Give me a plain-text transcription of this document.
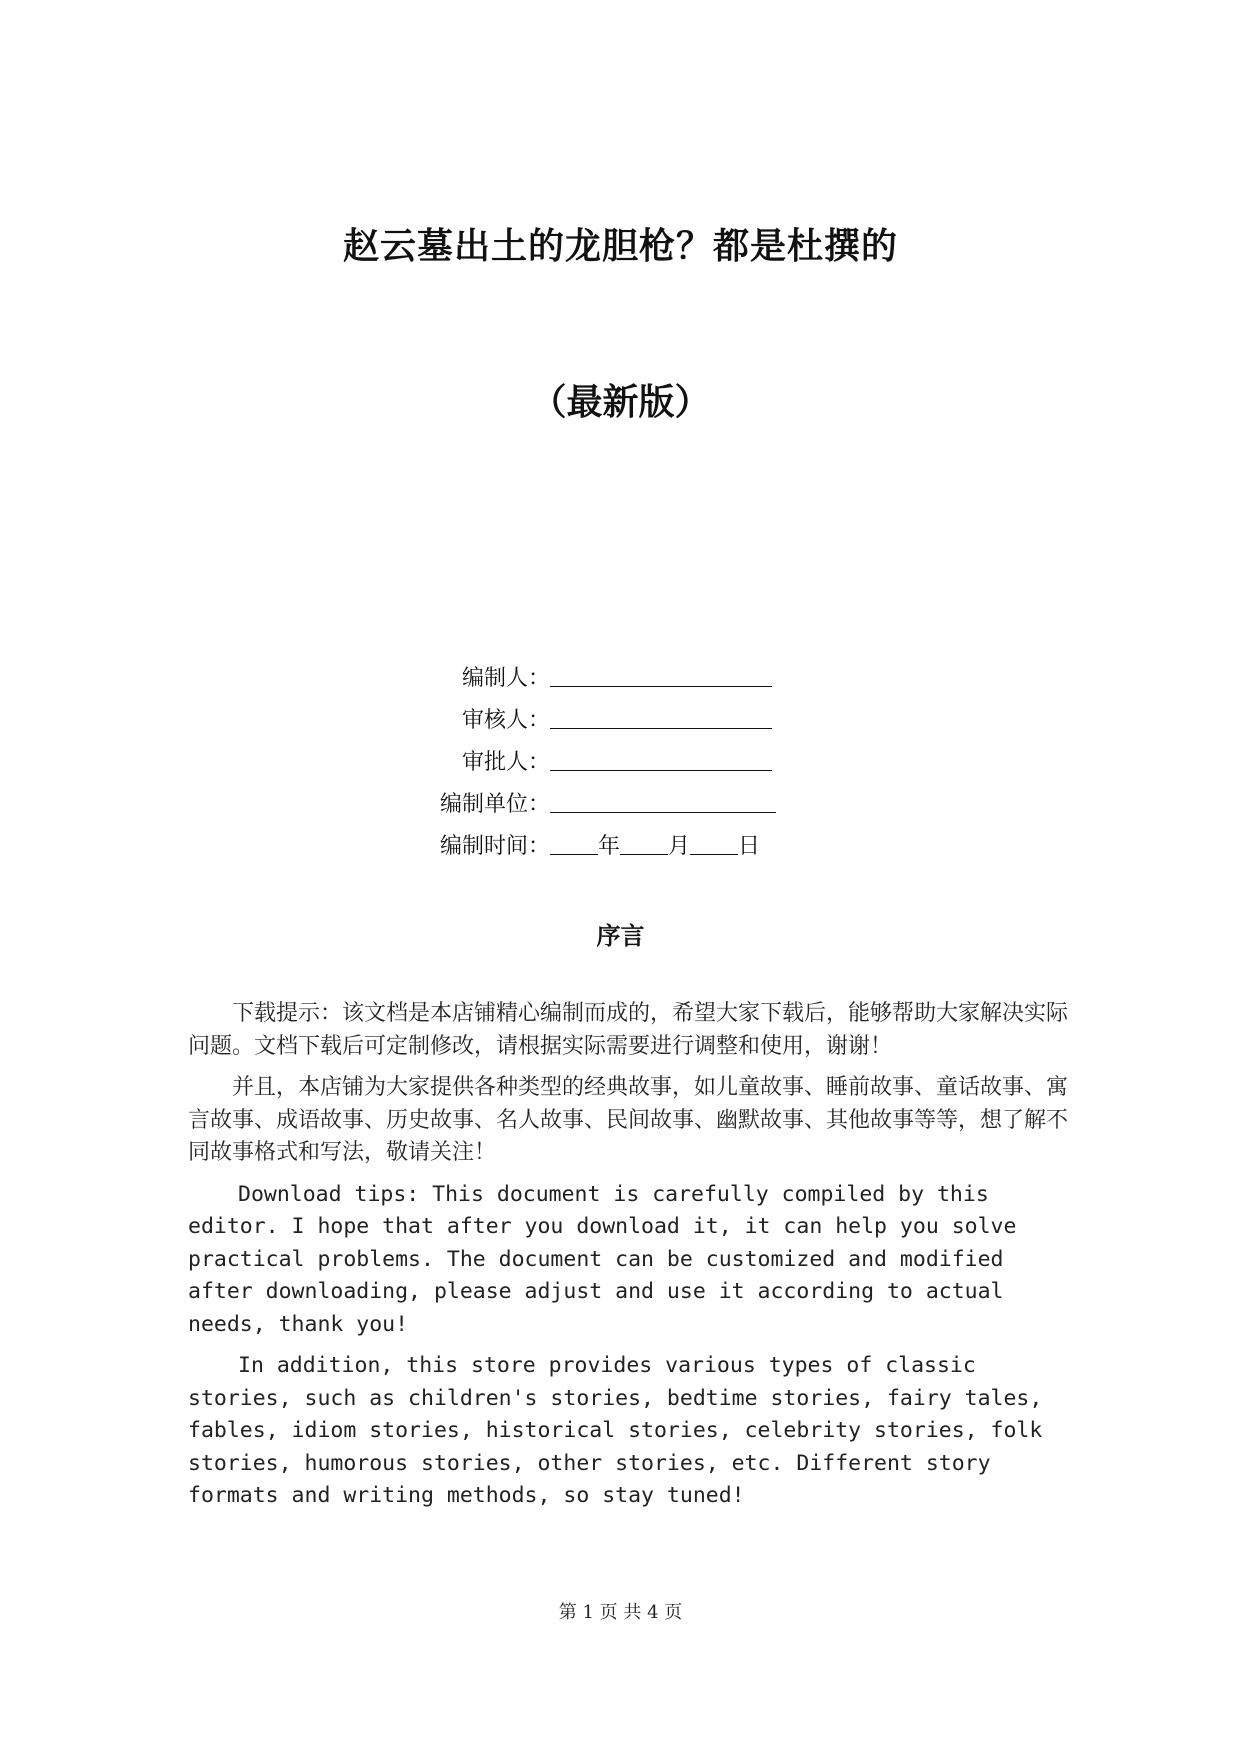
赵云墓出土的龙胆枪？都是杜撰的
（最新版）
编制人：
审核人：
审批人：
编制单位：
编制时间： 年 月 日
序言

下载提示：该文档是本店铺精心编制而成的，希望大家下载后，能够帮助大家解决实际问题。文档下载后可定制修改，请根据实际需要进行调整和使用，谢谢！

并且，本店铺为大家提供各种类型的经典故事，如儿童故事、睡前故事、童话故事、寓言故事、成语故事、历史故事、名人故事、民间故事、幽默故事、其他故事等等，想了解不同故事格式和写法，敬请关注！

Download tips: This document is carefully compiled by this editor. I hope that after you download it, it can help you solve practical problems. The document can be customized and modified after downloading, please adjust and use it according to actual needs, thank you!

In addition, this store provides various types of classic stories, such as children's stories, bedtime stories, fairy tales, fables, idiom stories, historical stories, celebrity stories, folk stories, humorous stories, other stories, etc. Different story formats and writing methods, so stay tuned!

第 1 页 共 4 页
